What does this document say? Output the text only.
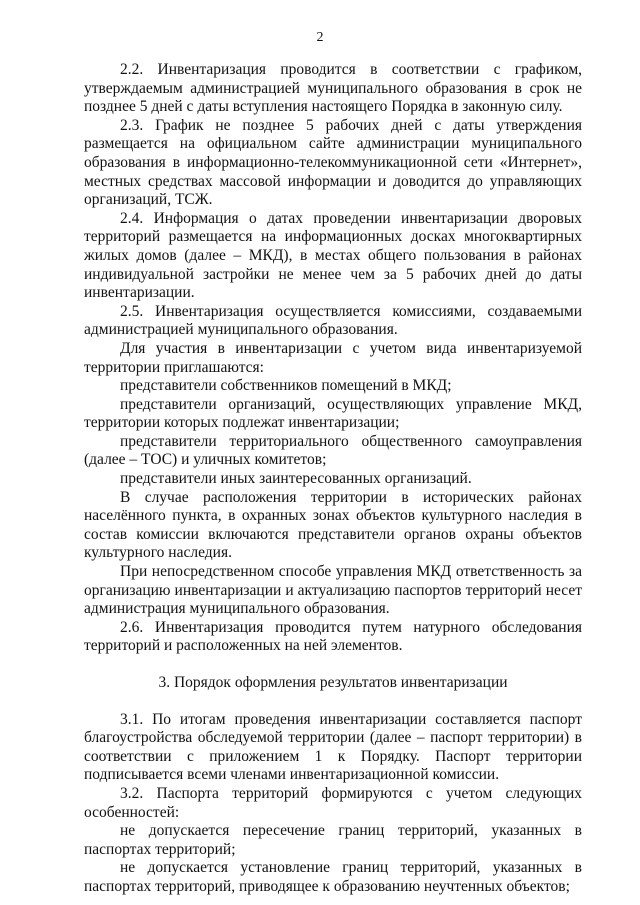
2

2.2. Инвентаризация проводится в соответствии с графиком, утверждаемым администрацией муниципального образования в срок не позднее 5 дней с даты вступления настоящего Порядка в законную силу.

2.3. График не позднее 5 рабочих дней с даты утверждения размещается на официальном сайте администрации муниципального образования в информационно-телекоммуникационной сети «Интернет», местных средствах массовой информации и доводится до управляющих организаций, ТСЖ.

2.4. Информация о датах проведении инвентаризации дворовых территорий размещается на информационных досках многоквартирных жилых домов (далее – МКД), в местах общего пользования в районах индивидуальной застройки не менее чем за 5 рабочих дней до даты инвентаризации.

2.5. Инвентаризация осуществляется комиссиями, создаваемыми администрацией муниципального образования.

Для участия в инвентаризации с учетом вида инвентаризуемой территории приглашаются:

представители собственников помещений в МКД;

представители организаций, осуществляющих управление МКД, территории которых подлежат инвентаризации;

представители территориального общественного самоуправления (далее – ТОС) и уличных комитетов;

представители иных заинтересованных организаций.

В случае расположения территории в исторических районах населённого пункта, в охранных зонах объектов культурного наследия в состав комиссии включаются представители органов охраны объектов культурного наследия.

При непосредственном способе управления МКД ответственность за организацию инвентаризации и актуализацию паспортов территорий несет администрация муниципального образования.

2.6. Инвентаризация проводится путем натурного обследования территорий и расположенных на ней элементов.

3. Порядок оформления результатов инвентаризации

3.1. По итогам проведения инвентаризации составляется паспорт благоустройства обследуемой территории (далее – паспорт территории) в соответствии с приложением 1 к Порядку. Паспорт территории подписывается всеми членами инвентаризационной комиссии.

3.2. Паспорта территорий формируются с учетом следующих особенностей:

не допускается пересечение границ территорий, указанных в паспортах территорий;

не допускается установление границ территорий, указанных в паспортах территорий, приводящее к образованию неучтенных объектов;
